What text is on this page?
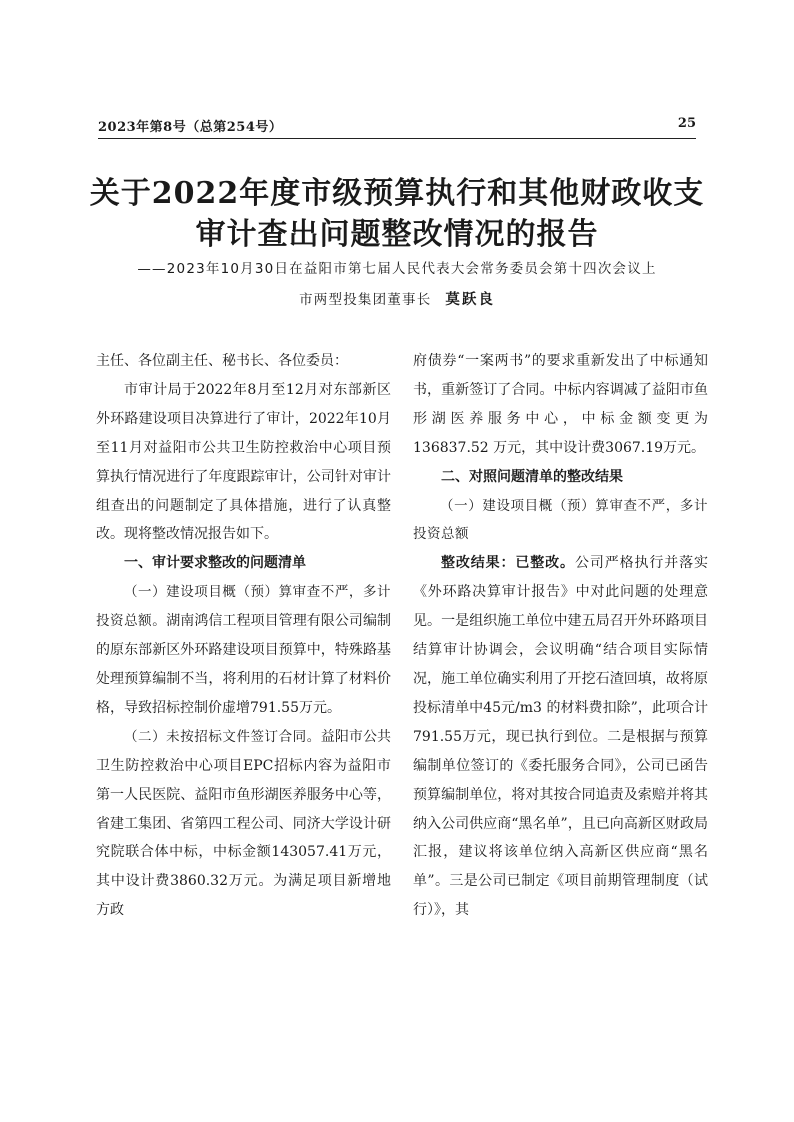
2023年第8号（总第254号）	25
关于2022年度市级预算执行和其他财政收支
审计查出问题整改情况的报告
——2023年10月30日在益阳市第七届人民代表大会常务委员会第十四次会议上
市两型投集团董事长 莫跃良

主任、各位副主任、秘书长、各位委员：

市审计局于2022年8月至12月对东部新区外环路建设项目决算进行了审计，2022年10月至11月对益阳市公共卫生防控救治中心项目预算执行情况进行了年度跟踪审计，公司针对审计组查出的问题制定了具体措施，进行了认真整改。现将整改情况报告如下。

一、审计要求整改的问题清单

（一）建设项目概（预）算审查不严，多计投资总额。湖南鸿信工程项目管理有限公司编制的原东部新区外环路建设项目预算中，特殊路基处理预算编制不当，将利用的石材计算了材料价格，导致招标控制价虚增791.55万元。

（二）未按招标文件签订合同。益阳市公共卫生防控救治中心项目EPC招标内容为益阳市第一人民医院、益阳市鱼形湖医养服务中心等，省建工集团、省第四工程公司、同济大学设计研究院联合体中标，中标金额143057.41万元，其中设计费3860.32万元。为满足项目新增地方政

府债券“一案两书”的要求重新发出了中标通知书，重新签订了合同。中标内容调减了益阳市鱼形湖医养服务中心，中标金额变更为 136837.52 万元，其中设计费3067.19万元。

二、对照问题清单的整改结果

（一）建设项目概（预）算审查不严，多计投资总额

整改结果：已整改。公司严格执行并落实《外环路决算审计报告》中对此问题的处理意见。一是组织施工单位中建五局召开外环路项目结算审计协调会，会议明确“结合项目实际情况，施工单位确实利用了开挖石渣回填，故将原投标清单中45元/m3 的材料费扣除”，此项合计 791.55万元，现已执行到位。二是根据与预算编制单位签订的《委托服务合同》，公司已函告预算编制单位，将对其按合同追责及索赔并将其纳入公司供应商“黑名单”，且已向高新区财政局汇报，建议将该单位纳入高新区供应商“黑名单”。三是公司已制定《项目前期管理制度（试行）》，其
